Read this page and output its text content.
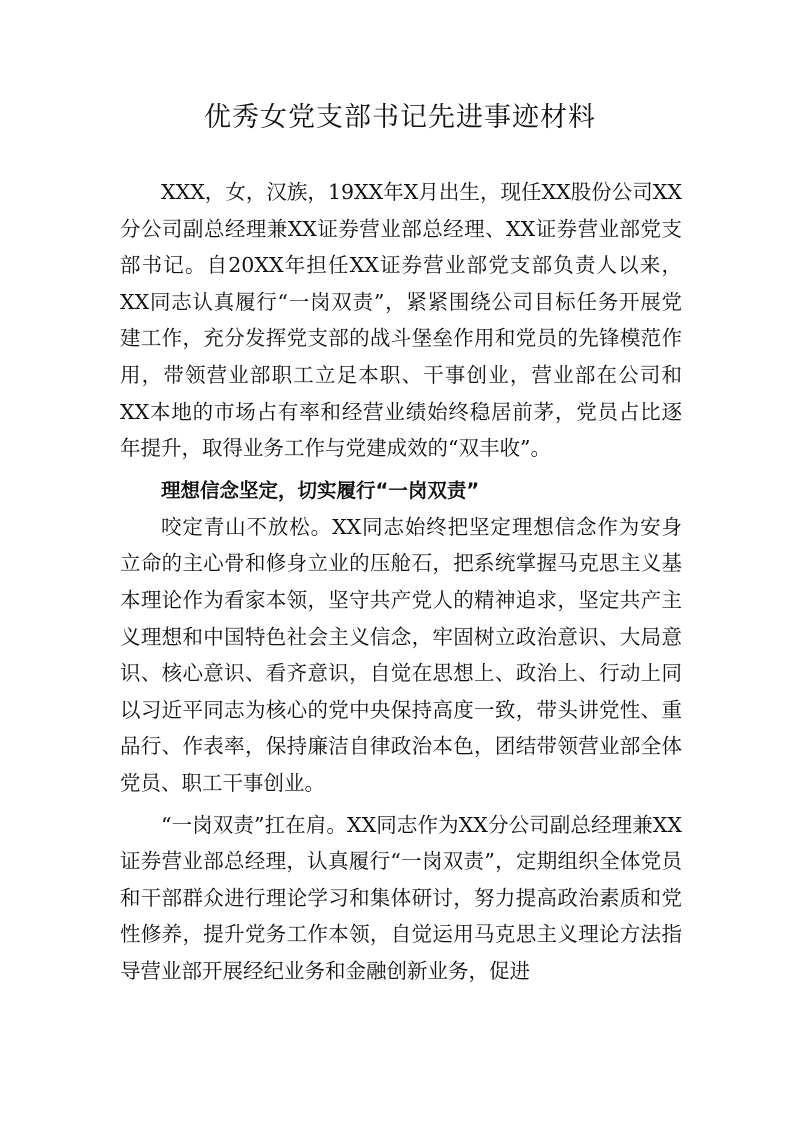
优秀女党支部书记先进事迹材料

XXX，女，汉族，19XX年X月出生，现任XX股份公司XX分公司副总经理兼XX证券营业部总经理、XX证券营业部党支部书记。自20XX年担任XX证券营业部党支部负责人以来，XX同志认真履行“一岗双责”，紧紧围绕公司目标任务开展党建工作，充分发挥党支部的战斗堡垒作用和党员的先锋模范作用，带领营业部职工立足本职、干事创业，营业部在公司和XX本地的市场占有率和经营业绩始终稳居前茅，党员占比逐年提升，取得业务工作与党建成效的“双丰收”。

理想信念坚定，切实履行“一岗双责”

咬定青山不放松。XX同志始终把坚定理想信念作为安身立命的主心骨和修身立业的压舱石，把系统掌握马克思主义基本理论作为看家本领，坚守共产党人的精神追求，坚定共产主义理想和中国特色社会主义信念，牢固树立政治意识、大局意识、核心意识、看齐意识，自觉在思想上、政治上、行动上同以习近平同志为核心的党中央保持高度一致，带头讲党性、重品行、作表率，保持廉洁自律政治本色，团结带领营业部全体党员、职工干事创业。

“一岗双责”扛在肩。XX同志作为XX分公司副总经理兼XX证券营业部总经理，认真履行“一岗双责”，定期组织全体党员和干部群众进行理论学习和集体研讨，努力提高政治素质和党性修养，提升党务工作本领，自觉运用马克思主义理论方法指导营业部开展经纪业务和金融创新业务，促进
